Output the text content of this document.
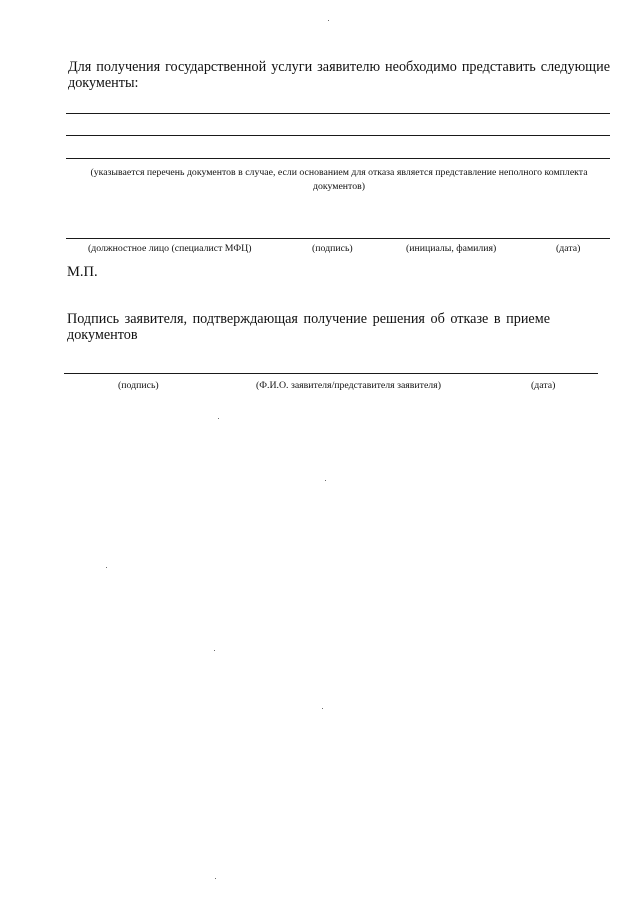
Для получения государственной услуги заявителю необходимо представить следующие документы:
(указывается перечень документов в случае, если основанием для отказа является представление неполного комплекта документов)
(должностное лицо (специалист МФЦ)	(подпись)	(инициалы, фамилия)	(дата)
М.П.
Подпись заявителя, подтверждающая получение решения об отказе в приеме документов
(подпись)	(Ф.И.О. заявителя/представителя заявителя)	(дата)
